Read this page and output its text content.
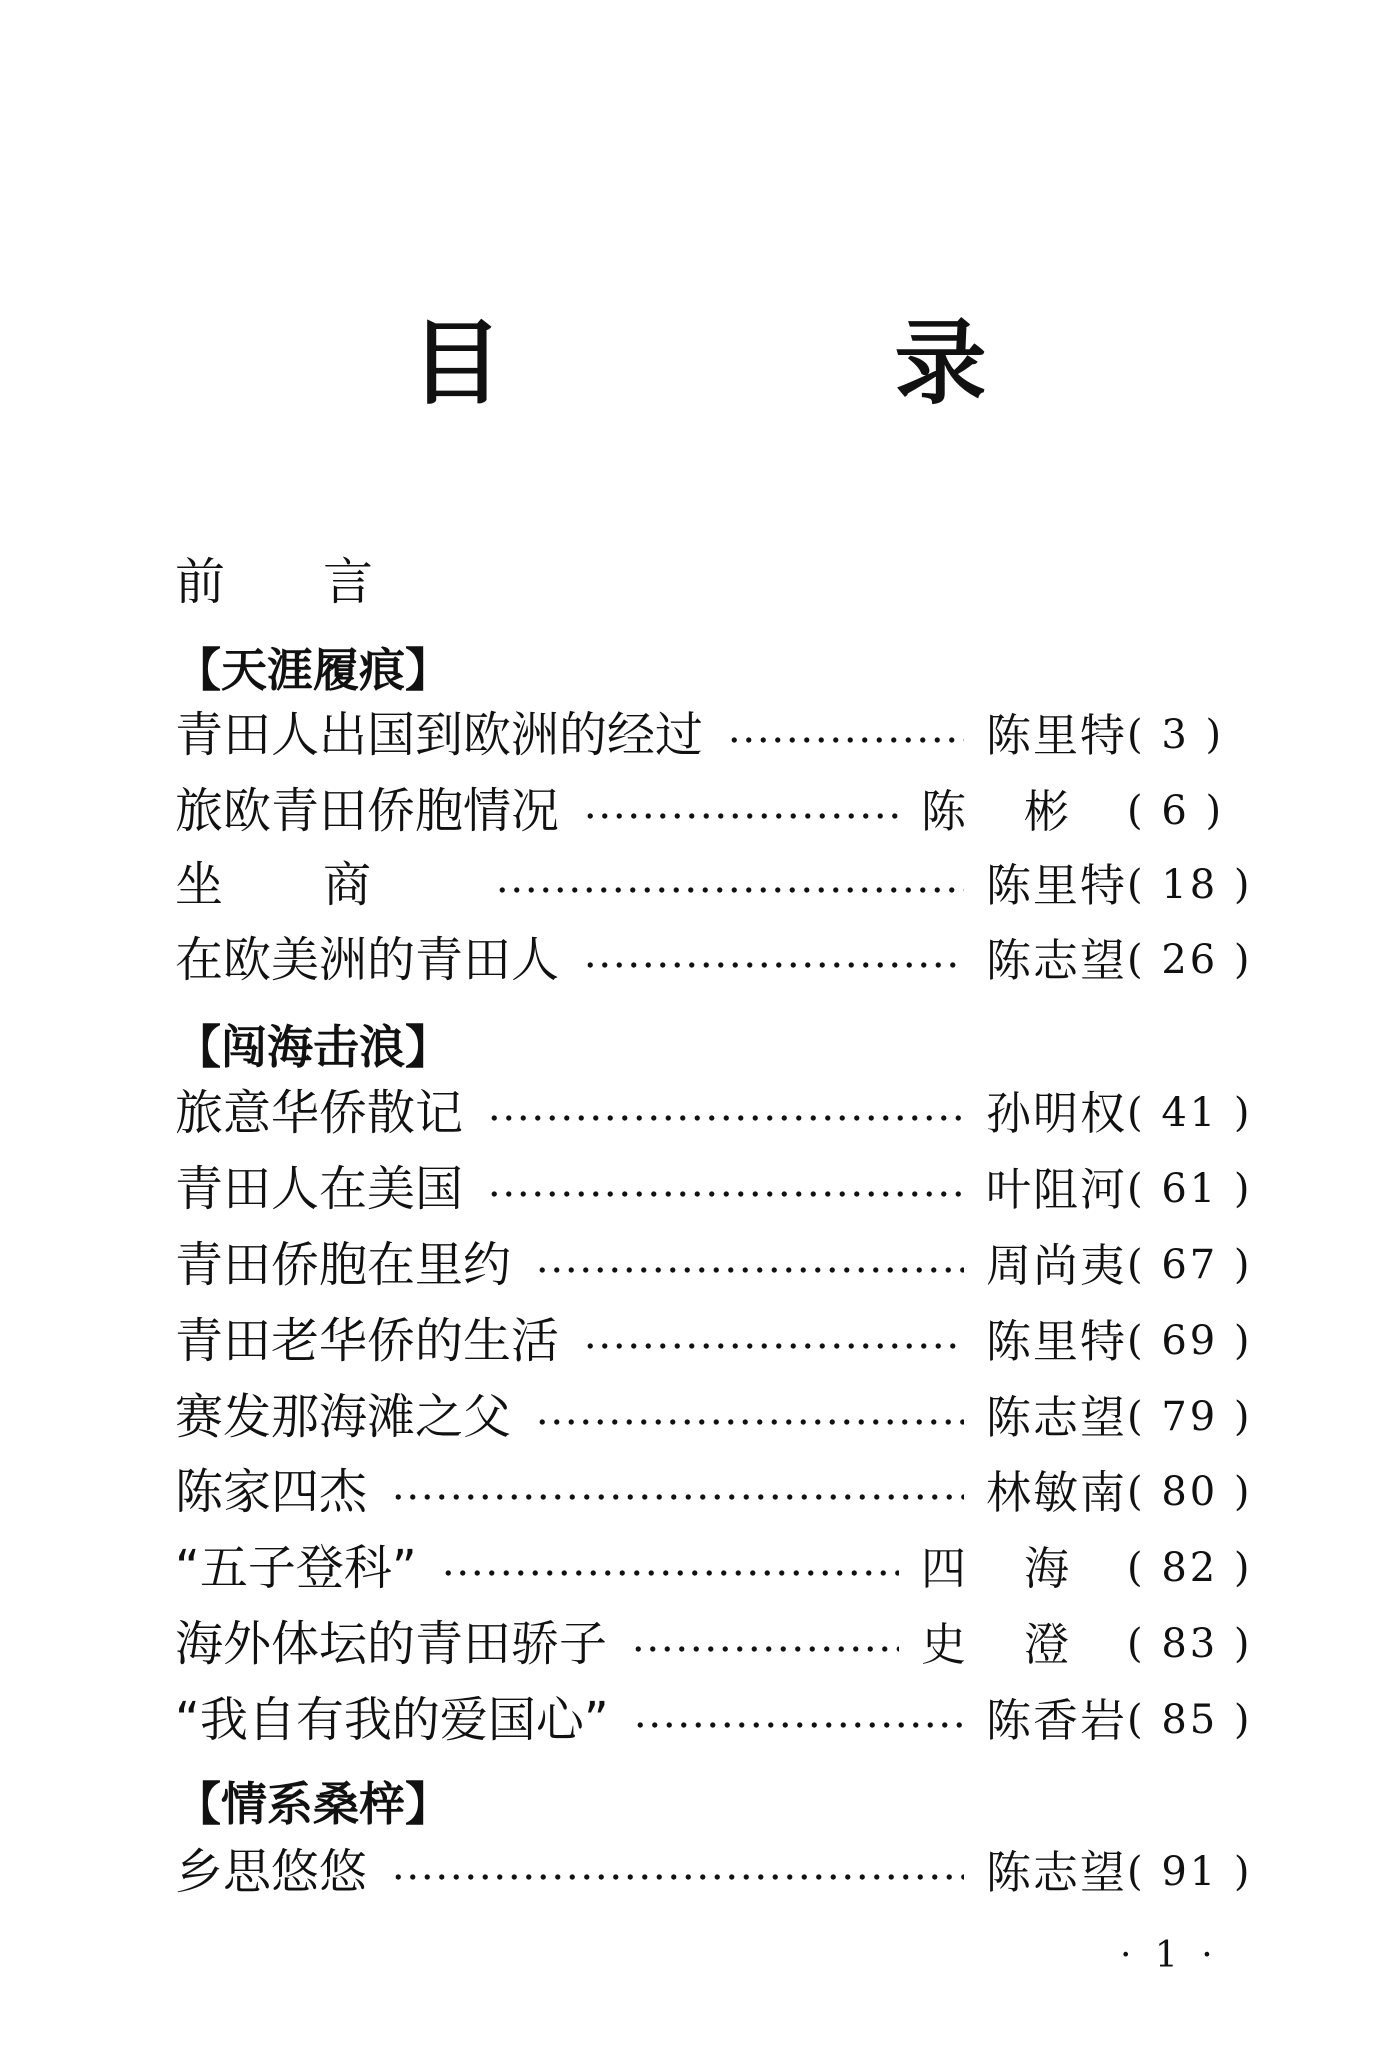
目　录
前言
【天涯履痕】
青田人出国到欧洲的经过	陈里特 ( 3 )
旅欧青田侨胞情况	陈彬 ( 6 )
坐商	陈里特 ( 18 )
在欧美洲的青田人	陈志望 ( 26 )
【闯海击浪】
旅意华侨散记	孙明权 ( 41 )
青田人在美国	叶阻河 ( 61 )
青田侨胞在里约	周尚夷 ( 67 )
青田老华侨的生活	陈里特 ( 69 )
赛发那海滩之父	陈志望 ( 79 )
陈家四杰	林敏南 ( 80 )
“五子登科”	四海 ( 82 )
海外体坛的青田骄子	史澄 ( 83 )
“我自有我的爱国心”	陈香岩 ( 85 )
【情系桑梓】
乡思悠悠	陈志望 ( 91 )
· 1 ·
